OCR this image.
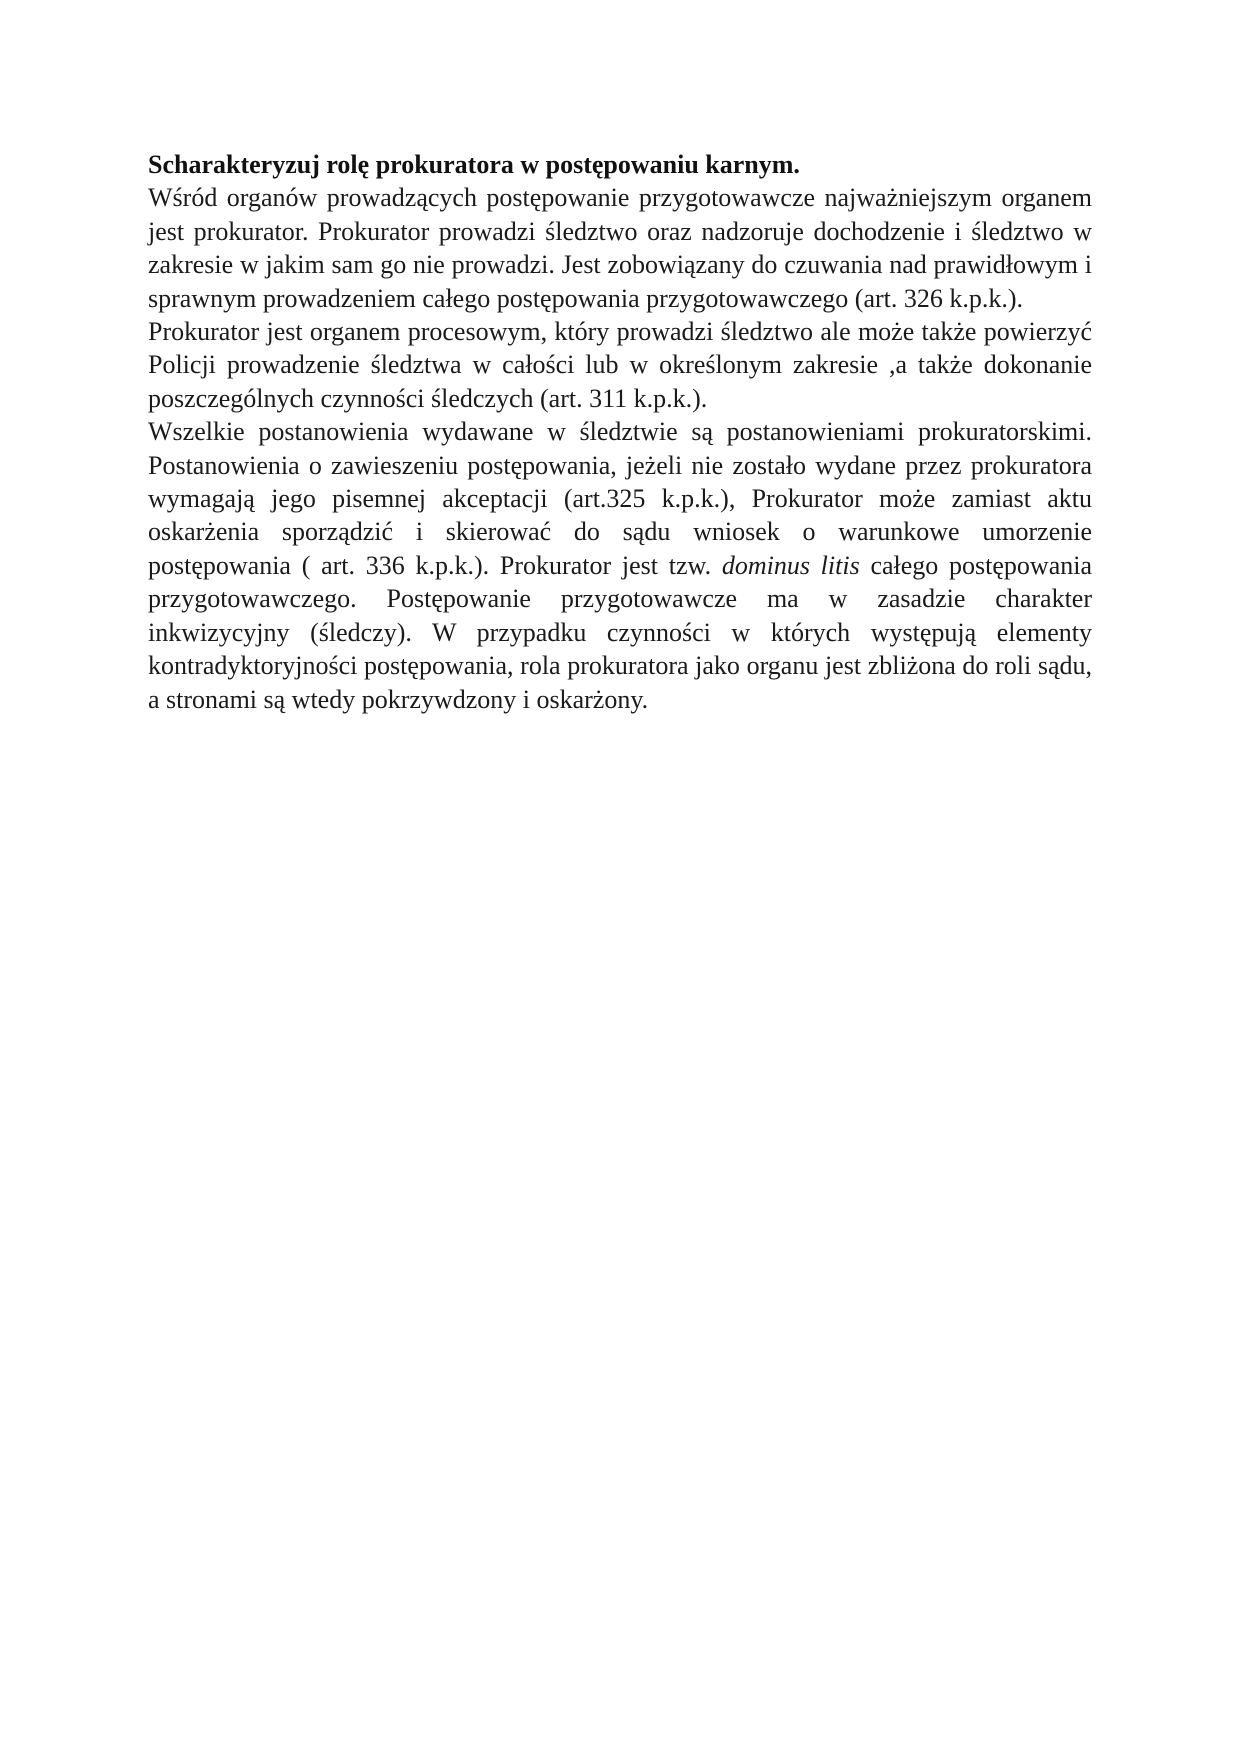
Scharakteryzuj rolę prokuratora w postępowaniu karnym.

Wśród organów prowadzących postępowanie przygotowawcze najważniejszym organem jest prokurator. Prokurator prowadzi śledztwo oraz nadzoruje dochodzenie i śledztwo w zakresie w jakim sam go nie prowadzi. Jest zobowiązany do czuwania nad prawidłowym i sprawnym prowadzeniem całego postępowania przygotowawczego (art. 326 k.p.k.).

Prokurator jest organem procesowym, który prowadzi śledztwo ale może także powierzyć Policji prowadzenie śledztwa w całości lub w określonym zakresie ,a także dokonanie poszczególnych czynności śledczych (art. 311 k.p.k.).

Wszelkie postanowienia wydawane w śledztwie są postanowieniami prokuratorskimi. Postanowienia o zawieszeniu postępowania, jeżeli nie zostało wydane przez prokuratora wymagają jego pisemnej akceptacji (art.325 k.p.k.), Prokurator może zamiast aktu oskarżenia sporządzić i skierować do sądu wniosek o warunkowe umorzenie postępowania ( art. 336 k.p.k.). Prokurator jest tzw. dominus litis całego postępowania przygotowawczego. Postępowanie przygotowawcze ma w zasadzie charakter inkwizycyjny (śledczy). W przypadku czynności w których występują elementy kontradyktoryjności postępowania, rola prokuratora jako organu jest zbliżona do roli sądu, a stronami są wtedy pokrzywdzony i oskarżony.
